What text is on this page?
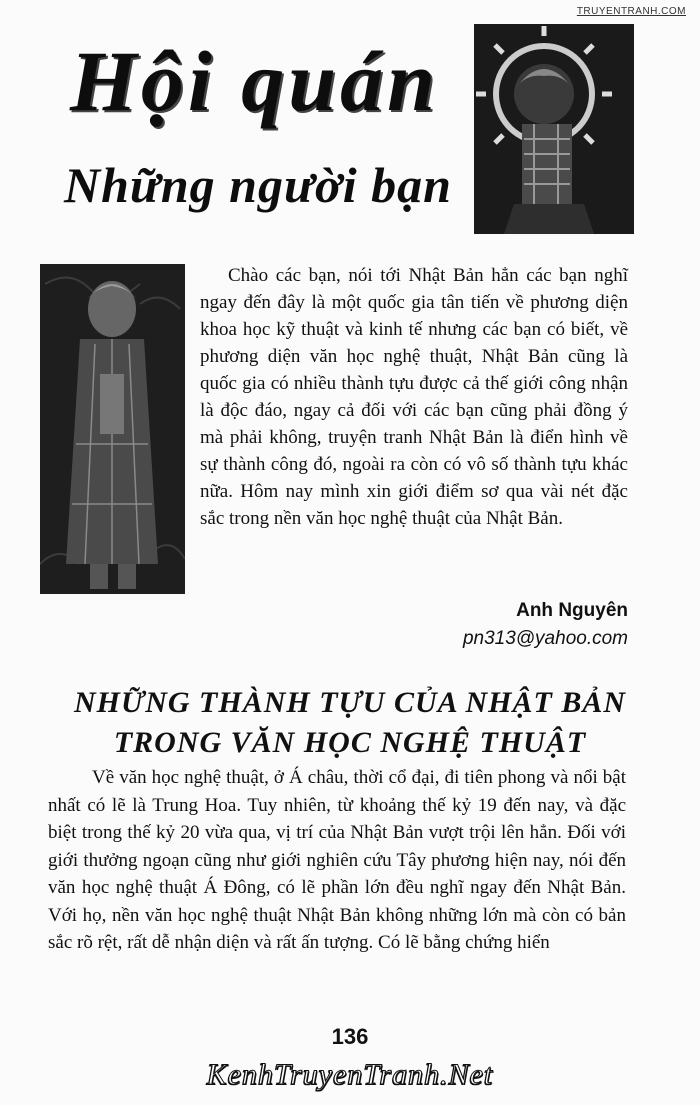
TRUYENTRANH.COM
Hội quán
Những người bạn

Chào các bạn, nói tới Nhật Bản hẳn các bạn nghĩ ngay đến đây là một quốc gia tân tiến về phương diện khoa học kỹ thuật và kinh tế nhưng các bạn có biết, về phương diện văn học nghệ thuật, Nhật Bản cũng là quốc gia có nhiều thành tựu được cả thế giới công nhận là độc đáo, ngay cả đối với các bạn cũng phải đồng ý mà phải không, truyện tranh Nhật Bản là điển hình về sự thành công đó, ngoài ra còn có vô số thành tựu khác nữa. Hôm nay mình xin giới điểm sơ qua vài nét đặc sắc trong nền văn học nghệ thuật của Nhật Bản.

Anh Nguyên
pn313@yahoo.com
NHỮNG THÀNH TỰU CỦA NHẬT BẢN
TRONG VĂN HỌC NGHỆ THUẬT

Về văn học nghệ thuật, ở Á châu, thời cổ đại, đi tiên phong và nổi bật nhất có lẽ là Trung Hoa. Tuy nhiên, từ khoảng thế kỷ 19 đến nay, và đặc biệt trong thế kỷ 20 vừa qua, vị trí của Nhật Bản vượt trội lên hẳn. Đối với giới thưởng ngoạn cũng như giới nghiên cứu Tây phương hiện nay, nói đến văn học nghệ thuật Á Đông, có lẽ phần lớn đều nghĩ ngay đến Nhật Bản. Với họ, nền văn học nghệ thuật Nhật Bản không những lớn mà còn có bản sắc rõ rệt, rất dễ nhận diện và rất ấn tượng. Có lẽ bằng chứng hiển

136
KenhTruyenTranh.Net
